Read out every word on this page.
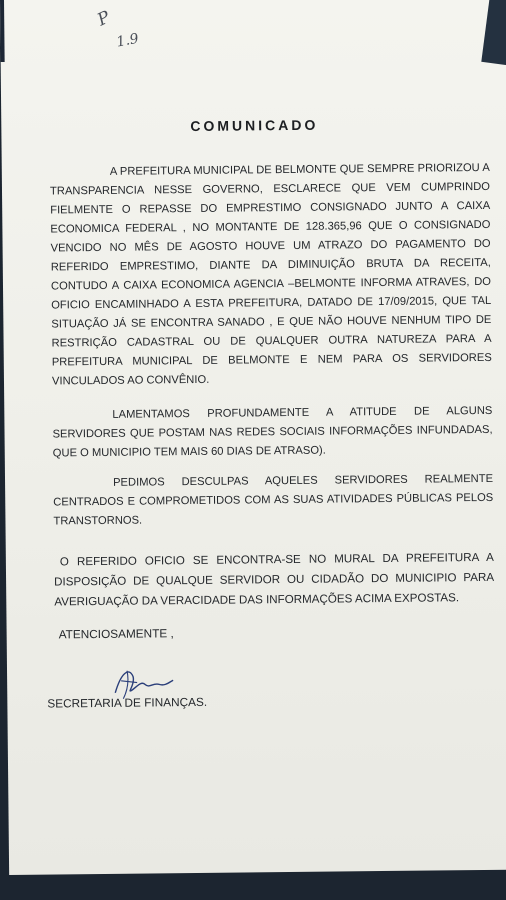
P
1.9
COMUNICADO

A PREFEITURA MUNICIPAL DE BELMONTE QUE SEMPRE PRIORIZOU A TRANSPARENCIA NESSE GOVERNO, ESCLARECE QUE VEM CUMPRINDO FIELMENTE O REPASSE DO EMPRESTIMO CONSIGNADO JUNTO A CAIXA ECONOMICA FEDERAL , NO MONTANTE DE 128.365,96 QUE O CONSIGNADO VENCIDO NO MÊS DE AGOSTO HOUVE UM ATRAZO DO PAGAMENTO DO REFERIDO EMPRESTIMO, DIANTE DA DIMINUIÇÃO BRUTA DA RECEITA, CONTUDO A CAIXA ECONOMICA AGENCIA –BELMONTE INFORMA ATRAVES, DO OFICIO ENCAMINHADO A ESTA PREFEITURA, DATADO DE 17/09/2015, QUE TAL SITUAÇÃO JÁ SE ENCONTRA SANADO , E QUE NÃO HOUVE NENHUM TIPO DE RESTRIÇÃO CADASTRAL OU DE QUALQUER OUTRA NATUREZA PARA A PREFEITURA MUNICIPAL DE BELMONTE E NEM PARA OS SERVIDORES VINCULADOS AO CONVÊNIO.

LAMENTAMOS PROFUNDAMENTE A ATITUDE DE ALGUNS SERVIDORES QUE POSTAM NAS REDES SOCIAIS INFORMAÇÕES INFUNDADAS, QUE O MUNICIPIO TEM MAIS 60 DIAS DE ATRASO).

PEDIMOS DESCULPAS AQUELES SERVIDORES REALMENTE CENTRADOS E COMPROMETIDOS COM AS SUAS ATIVIDADES PÚBLICAS PELOS TRANSTORNOS.

O REFERIDO OFICIO SE ENCONTRA-SE NO MURAL DA PREFEITURA A DISPOSIÇÃO DE QUALQUE SERVIDOR OU CIDADÃO DO MUNICIPIO PARA AVERIGUAÇÃO DA VERACIDADE DAS INFORMAÇÕES ACIMA EXPOSTAS.

ATENCIOSAMENTE ,
SECRETARIA DE FINANÇAS.
